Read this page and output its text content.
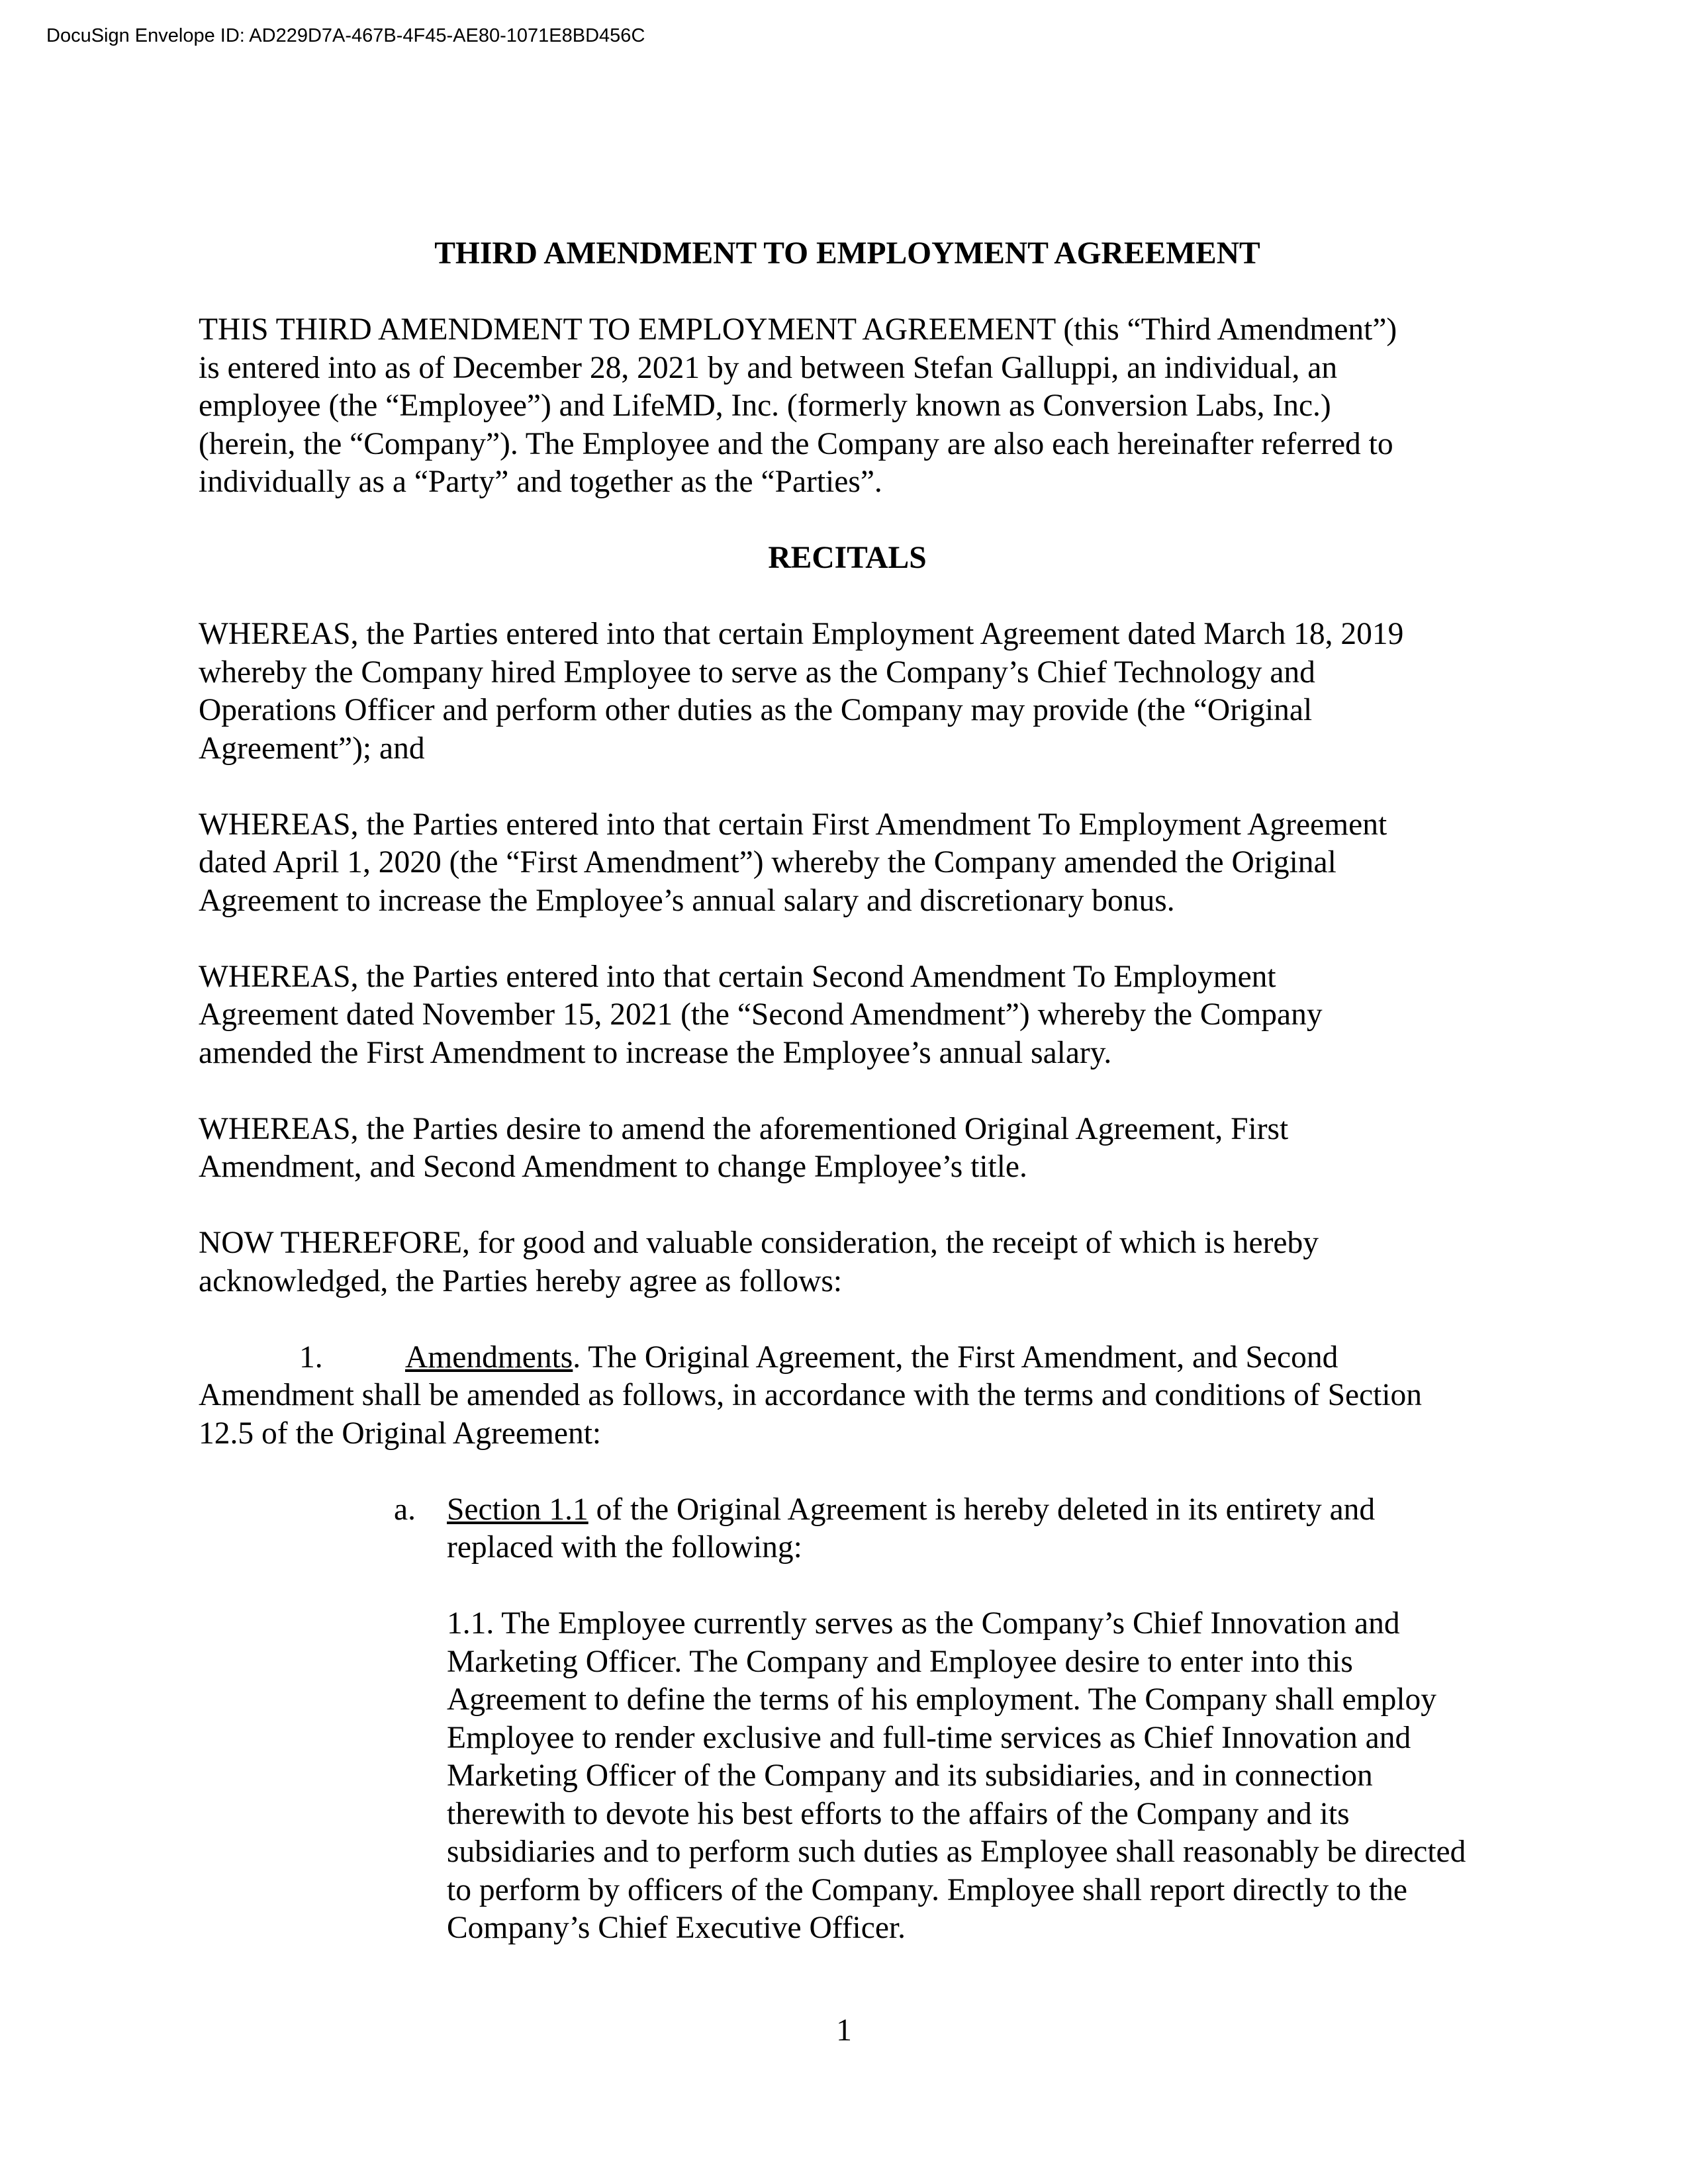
DocuSign Envelope ID: AD229D7A-467B-4F45-AE80-1071E8BD456C

THIRD AMENDMENT TO EMPLOYMENT AGREEMENT

THIS THIRD AMENDMENT TO EMPLOYMENT AGREEMENT (this “Third Amendment”)
is entered into as of December 28, 2021 by and between Stefan Galluppi, an individual, an
employee (the “Employee”) and LifeMD, Inc. (formerly known as Conversion Labs, Inc.)
(herein, the “Company”). The Employee and the Company are also each hereinafter referred to
individually as a “Party” and together as the “Parties”.

RECITALS

WHEREAS, the Parties entered into that certain Employment Agreement dated March 18, 2019
whereby the Company hired Employee to serve as the Company’s Chief Technology and
Operations Officer and perform other duties as the Company may provide (the “Original
Agreement”); and
WHEREAS, the Parties entered into that certain First Amendment To Employment Agreement
dated April 1, 2020 (the “First Amendment”) whereby the Company amended the Original
Agreement to increase the Employee’s annual salary and discretionary bonus.
WHEREAS, the Parties entered into that certain Second Amendment To Employment
Agreement dated November 15, 2021 (the “Second Amendment”) whereby the Company
amended the First Amendment to increase the Employee’s annual salary.
WHEREAS, the Parties desire to amend the aforementioned Original Agreement, First
Amendment, and Second Amendment to change Employee’s title.
NOW THEREFORE, for good and valuable consideration, the receipt of which is hereby
acknowledged, the Parties hereby agree as follows:
1.	Amendments. The Original Agreement, the First Amendment, and Second
Amendment shall be amended as follows, in accordance with the terms and conditions of Section
12.5 of the Original Agreement:
a. Section 1.1 of the Original Agreement is hereby deleted in its entirety and
replaced with the following:
1.1. The Employee currently serves as the Company’s Chief Innovation and
Marketing Officer. The Company and Employee desire to enter into this
Agreement to define the terms of his employment. The Company shall employ
Employee to render exclusive and full-time services as Chief Innovation and
Marketing Officer of the Company and its subsidiaries, and in connection
therewith to devote his best efforts to the affairs of the Company and its
subsidiaries and to perform such duties as Employee shall reasonably be directed
to perform by officers of the Company. Employee shall report directly to the
Company’s Chief Executive Officer.
1
